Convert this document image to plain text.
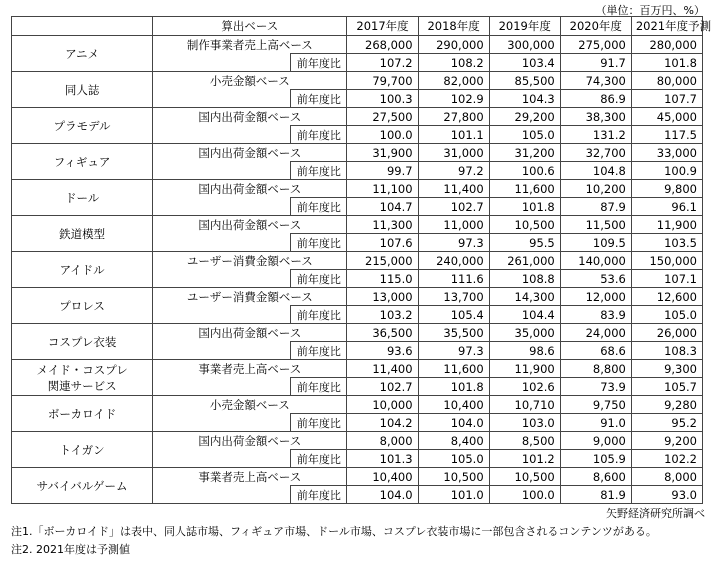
（単位：百万円、%）
	算出ベース		2017年度	2018年度	2019年度	2020年度	2021年度予測
アニメ	制作事業者売上高ベース		268,000	290,000	300,000	275,000	280,000
		前年度比	107.2	108.2	103.4	91.7	101.8
同人誌	小売金額ベース		79,700	82,000	85,500	74,300	80,000
		前年度比	100.3	102.9	104.3	86.9	107.7
プラモデル	国内出荷金額ベース		27,500	27,800	29,200	38,300	45,000
		前年度比	100.0	101.1	105.0	131.2	117.5
フィギュア	国内出荷金額ベース		31,900	31,000	31,200	32,700	33,000
		前年度比	99.7	97.2	100.6	104.8	100.9
ドール	国内出荷金額ベース		11,100	11,400	11,600	10,200	9,800
		前年度比	104.7	102.7	101.8	87.9	96.1
鉄道模型	国内出荷金額ベース		11,300	11,000	10,500	11,500	11,900
		前年度比	107.6	97.3	95.5	109.5	103.5
アイドル	ユーザー消費金額ベース		215,000	240,000	261,000	140,000	150,000
		前年度比	115.0	111.6	108.8	53.6	107.1
プロレス	ユーザー消費金額ベース		13,000	13,700	14,300	12,000	12,600
		前年度比	103.2	105.4	104.4	83.9	105.0
コスプレ衣装	国内出荷金額ベース		36,500	35,500	35,000	24,000	26,000
		前年度比	93.6	97.3	98.6	68.6	108.3
メイド・コスプレ
関連サービス	事業者売上高ベース		11,400	11,600	11,900	8,800	9,300
		前年度比	102.7	101.8	102.6	73.9	105.7
ボーカロイド	小売金額ベース		10,000	10,400	10,710	9,750	9,280
		前年度比	104.2	104.0	103.0	91.0	95.2
トイガン	国内出荷金額ベース		8,000	8,400	8,500	9,000	9,200
		前年度比	101.3	105.0	101.2	105.9	102.2
サバイバルゲーム	事業者売上高ベース		10,400	10,500	10,500	8,600	8,000
		前年度比	104.0	101.0	100.0	81.9	93.0
矢野経済研究所調べ
注1.「ボーカロイド」は表中、同人誌市場、フィギュア市場、ドール市場、コスプレ衣装市場に一部包含されるコンテンツがある。
注2. 2021年度は予測値
